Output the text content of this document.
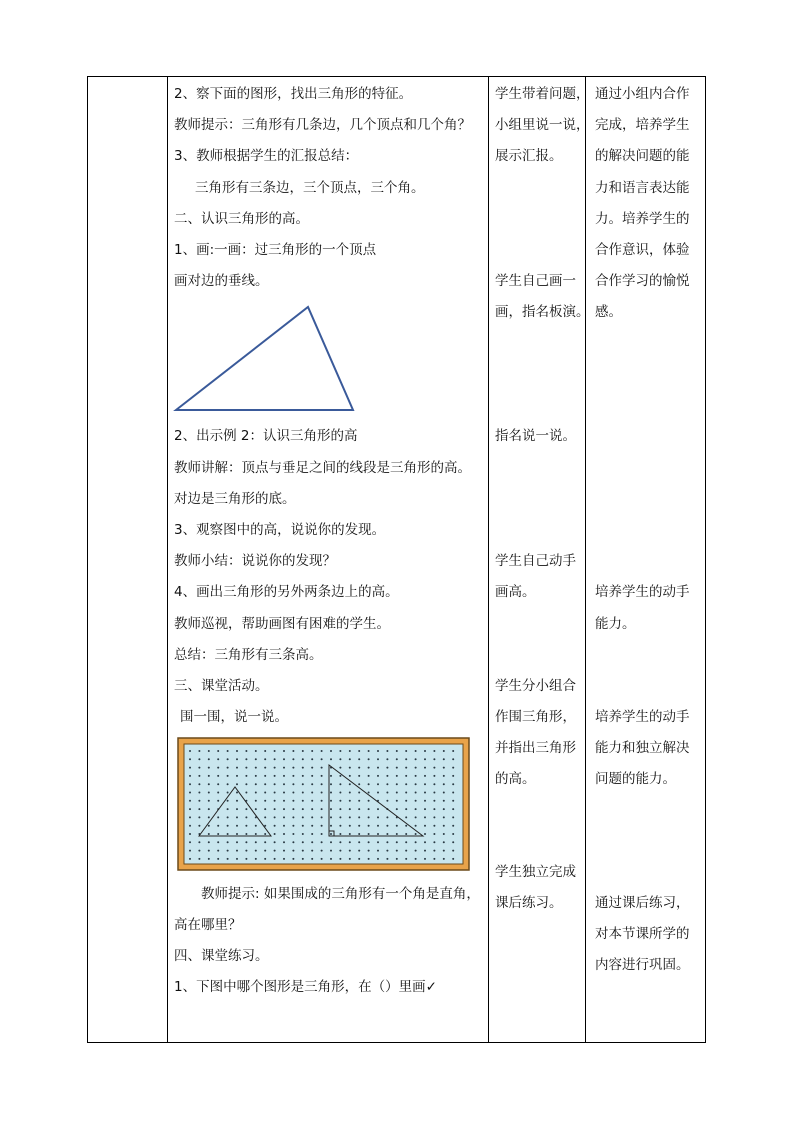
2、察下面的图形，找出三角形的特征。
教师提示：三角形有几条边，几个顶点和几个角？
3、教师根据学生的汇报总结：
三角形有三条边，三个顶点，三个角。
二、认识三角形的高。
1、画:一画：过三角形的一个顶点
画对边的垂线。
2、出示例 2：认识三角形的高
教师讲解：顶点与垂足之间的线段是三角形的高。
对边是三角形的底。
3、观察图中的高，说说你的发现。
教师小结：说说你的发现？
4、画出三角形的另外两条边上的高。
教师巡视，帮助画图有困难的学生。
总结：三角形有三条高。
三、课堂活动。
围一围，说一说。
教师提示: 如果围成的三角形有一个角是直角，
高在哪里？
四、课堂练习。
1、下图中哪个图形是三角形，在（）里画✓
学生带着问题，
小组里说一说，
展示汇报。
学生自己画一
画，指名板演。
指名说一说。
学生自己动手
画高。
学生分小组合
作围三角形，
并指出三角形
的高。
学生独立完成
课后练习。
通过小组内合作
完成，培养学生
的解决问题的能
力和语言表达能
力。培养学生的
合作意识，体验
合作学习的愉悦
感。
培养学生的动手
能力。
培养学生的动手
能力和独立解决
问题的能力。
通过课后练习，
对本节课所学的
内容进行巩固。
